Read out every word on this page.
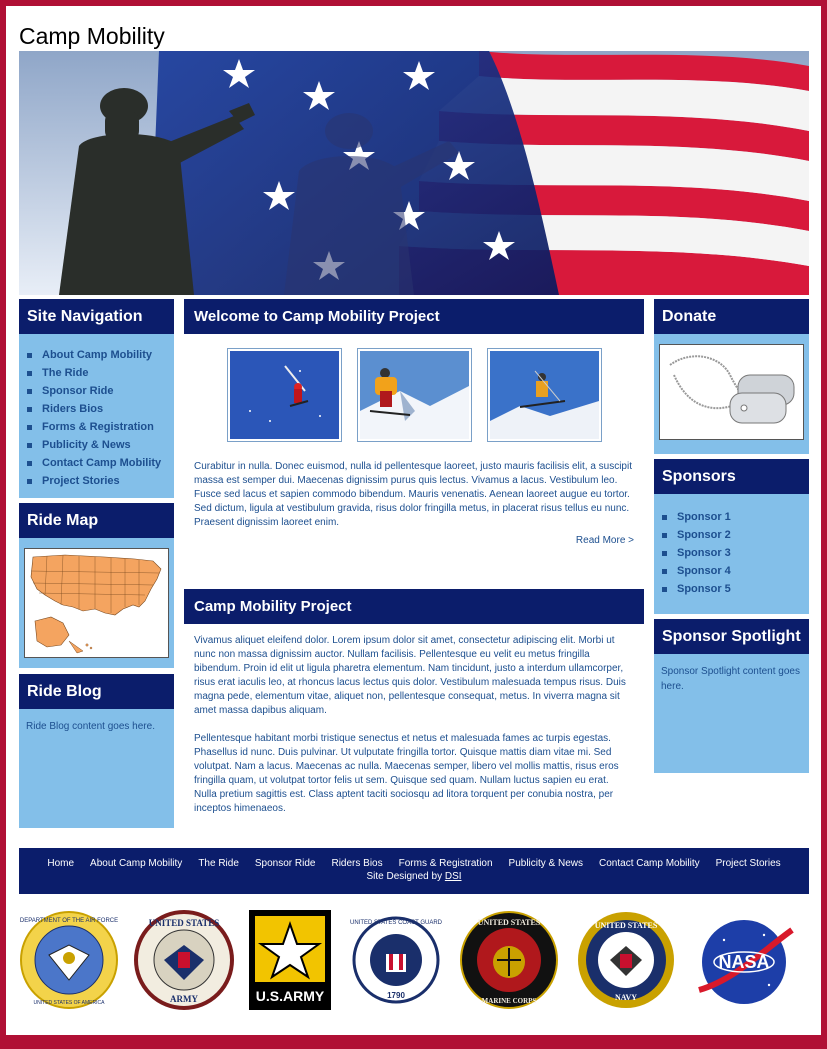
Camp Mobility
Site Navigation
About Camp Mobility
The Ride
Sponsor Ride
Riders Bios
Forms & Registration
Publicity & News
Contact Camp Mobility
Project Stories
Ride Map
Ride Blog
Ride Blog content goes here.
Welcome to Camp Mobility Project
Curabitur in nulla. Donec euismod, nulla id pellentesque laoreet, justo mauris facilisis elit, a suscipit massa est semper dui. Maecenas dignissim purus quis lectus. Vivamus a lacus. Vestibulum leo. Fusce sed lacus et sapien commodo bibendum. Mauris venenatis. Aenean laoreet augue eu tortor. Sed dictum, ligula at vestibulum gravida, risus dolor fringilla metus, in placerat risus tellus eu nunc. Praesent dignissim laoreet enim.
Read More >
Camp Mobility Project
Vivamus aliquet eleifend dolor. Lorem ipsum dolor sit amet, consectetur adipiscing elit. Morbi ut nunc non massa dignissim auctor. Nullam facilisis. Pellentesque eu velit eu metus fringilla bibendum. Proin id elit ut ligula pharetra elementum. Nam tincidunt, justo a interdum ullamcorper, risus erat iaculis leo, at rhoncus lacus lectus quis dolor. Vestibulum malesuada tempus risus. Duis magna pede, elementum vitae, aliquet non, pellentesque consequat, metus. In viverra magna sit amet massa dapibus aliquam.
Pellentesque habitant morbi tristique senectus et netus et malesuada fames ac turpis egestas. Phasellus id nunc. Duis pulvinar. Ut vulputate fringilla tortor. Quisque mattis diam vitae mi. Sed volutpat. Nam a lacus. Maecenas ac nulla. Maecenas semper, libero vel mollis mattis, risus eros fringilla quam, ut volutpat tortor felis ut sem. Quisque sed quam. Nullam luctus sapien eu erat. Nulla pretium sagittis est. Class aptent taciti sociosqu ad litora torquent per conubia nostra, per inceptos himenaeos.
Donate
Sponsors
Sponsor 1
Sponsor 2
Sponsor 3
Sponsor 4
Sponsor 5
Sponsor Spotlight
Sponsor Spotlight content goes here.
Home About Camp Mobility The Ride Sponsor Ride Riders Bios Forms & Registration Publicity & News Contact Camp Mobility Project Stories
Site Designed by DSI
DEPARTMENT OF THE AIR FORCE
UNITED STATES OF AMERICA
UNITED STATES
ARMY	U.S.ARMY
UNITED STATES COAST GUARD
1790
UNITED STATES
MARINE CORPS
UNITED STATES
NAVY
NASA
